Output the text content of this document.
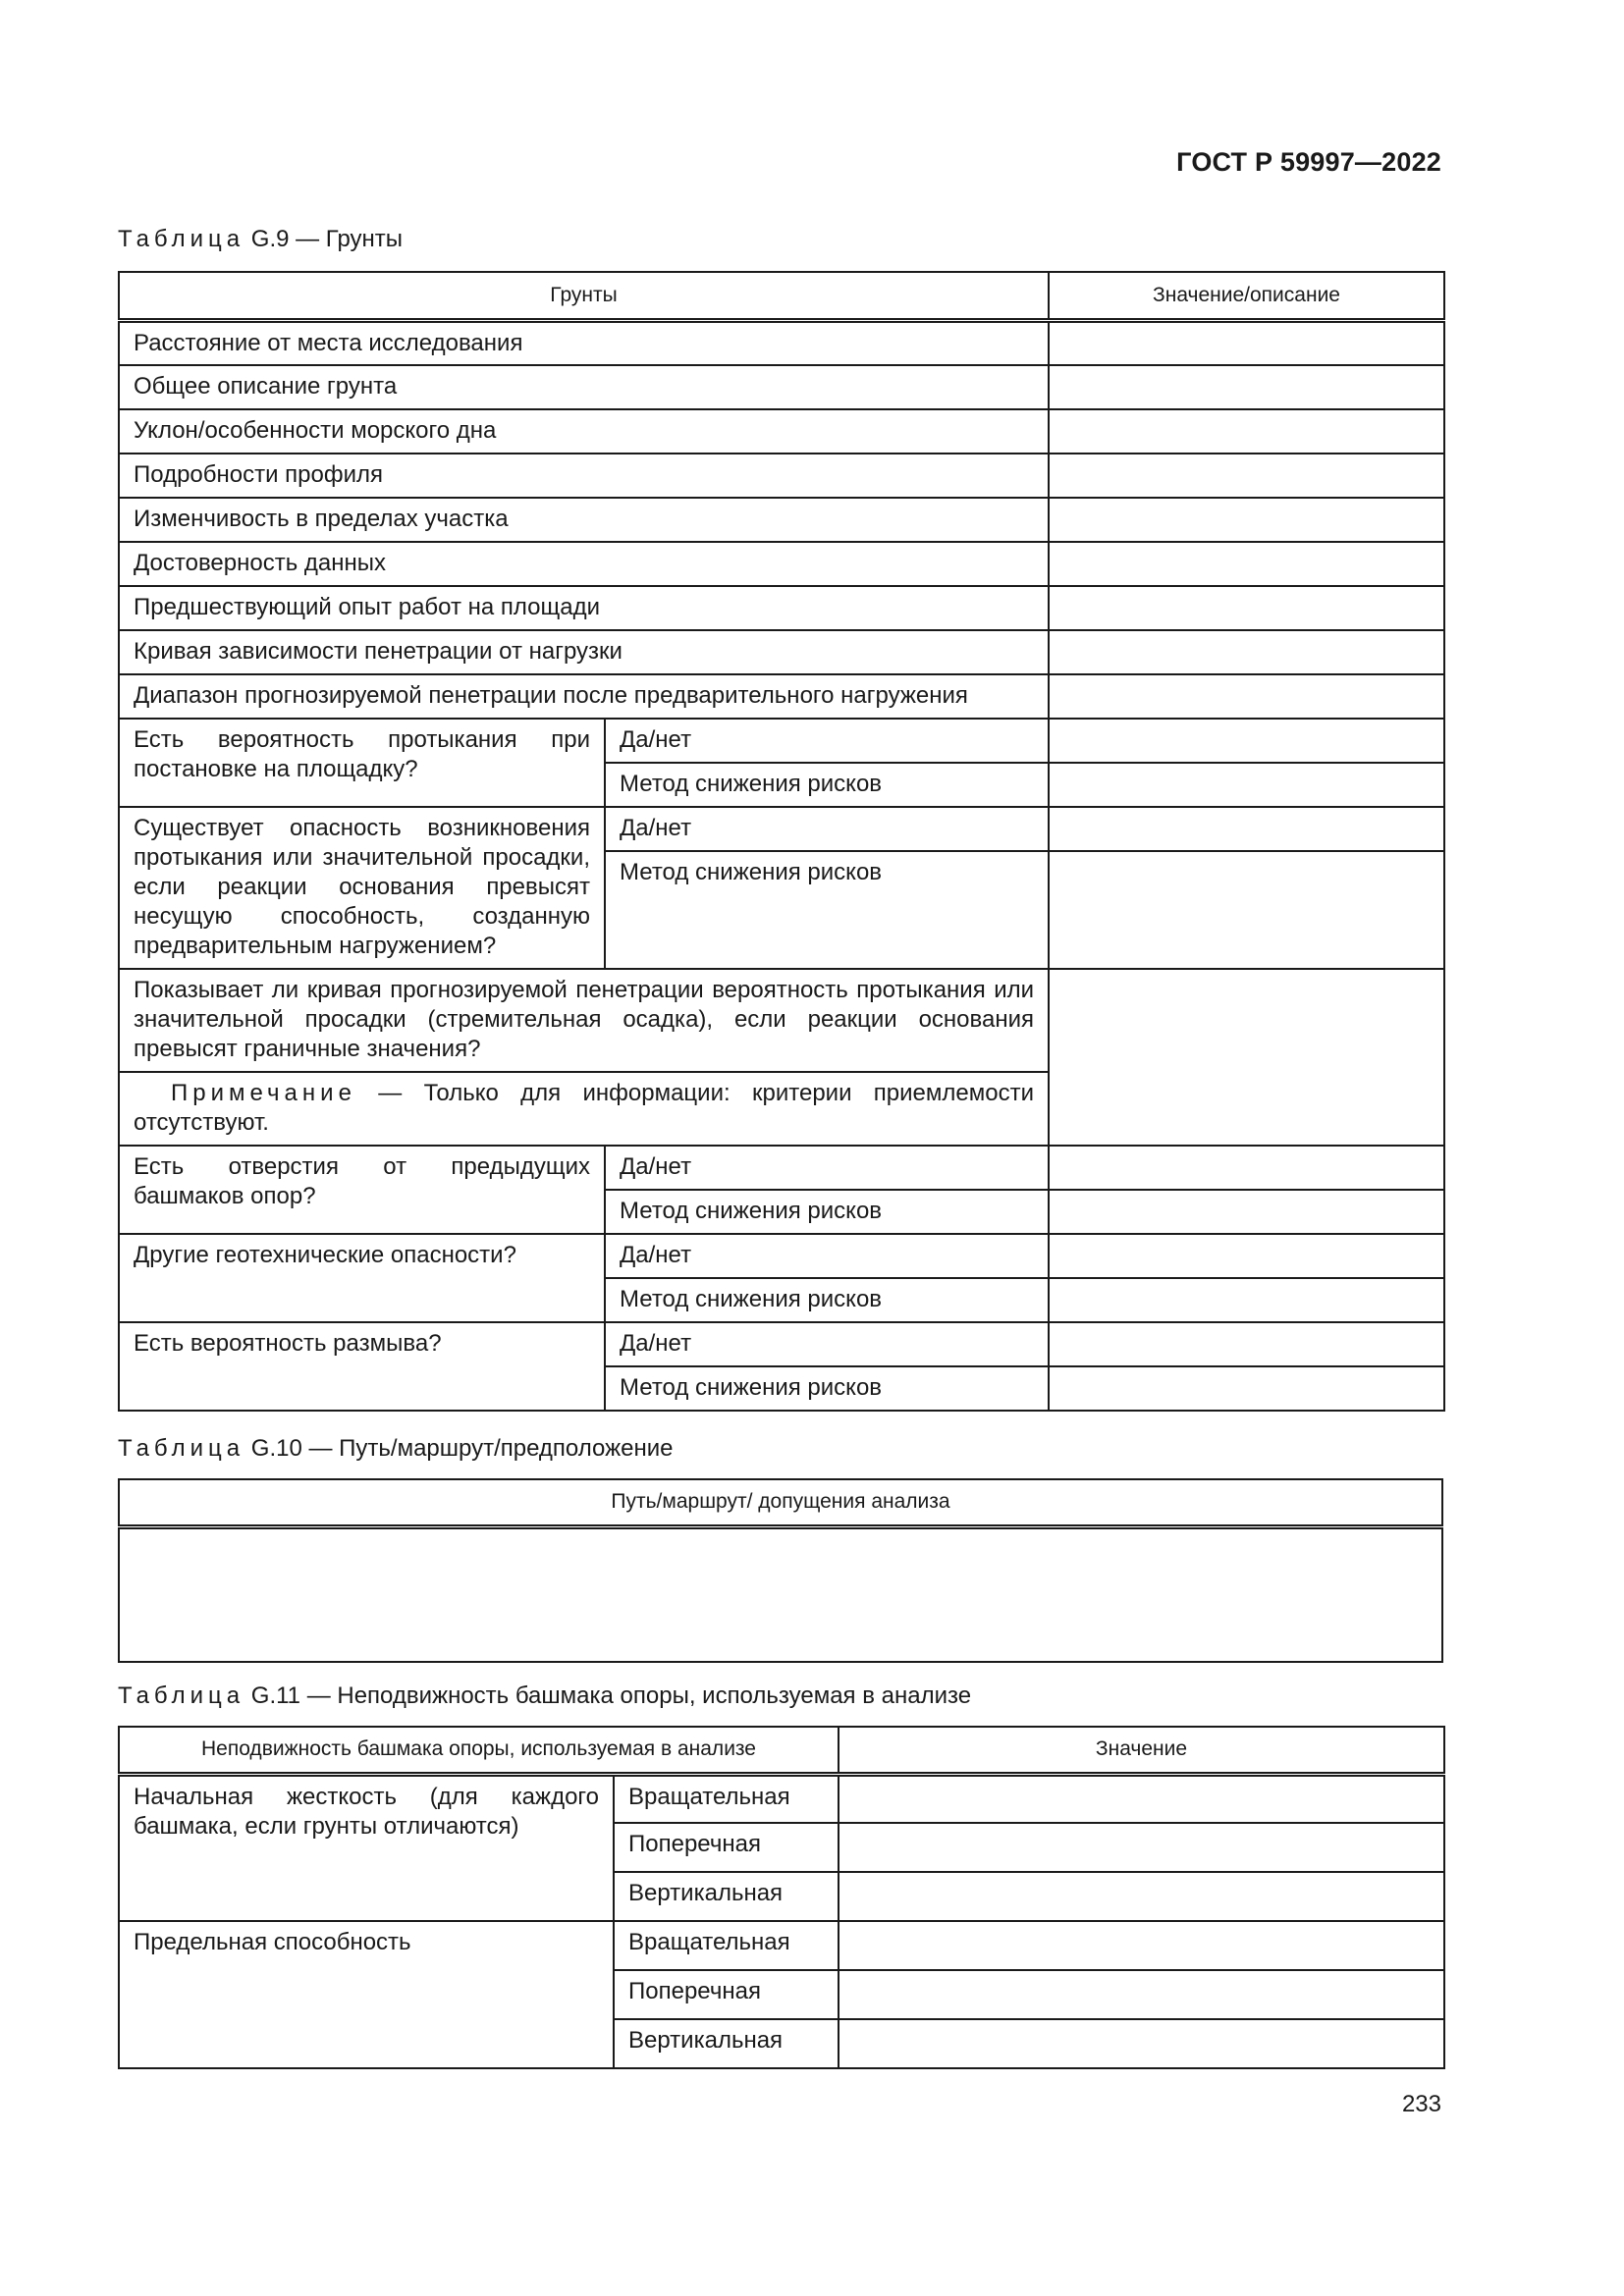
ГОСТ Р 59997—2022
Таблица G.9 — Грунты
Грунты		Значение/описание
Расстояние от места исследования		
Общее описание грунта		
Уклон/особенности морского дна		
Подробности профиля		
Изменчивость в пределах участка		
Достоверность данных		
Предшествующий опыт работ на площади		
Кривая зависимости пенетрации от нагрузки		
Диапазон прогнозируемой пенетрации после предварительного нагружения		
Есть вероятность протыкания при постановке на площадку?	Да/нет	
	Метод снижения рисков	
Существует опасность возникновения протыкания или значительной просадки, если реакции основания превысят несущую способность, созданную предварительным нагружением?	Да/нет	
	Метод снижения рисков	
Показывает ли кривая прогнозируемой пенетрации вероятность протыкания или значительной просадки (стремительная осадка), если реакции основания превысят граничные значения?		
Примечание — Только для информации: критерии приемлемости отсутствуют.		
Есть отверстия от предыдущих башмаков опор?	Да/нет	
	Метод снижения рисков	
Другие геотехнические опасности?	Да/нет	
	Метод снижения рисков	
Есть вероятность размыва?	Да/нет	
	Метод снижения рисков	
Таблица G.10 — Путь/маршрут/предположение
Путь/маршрут/ допущения анализа

Таблица G.11 — Неподвижность башмака опоры, используемая в анализе
Неподвижность башмака опоры, используемая в анализе		Значение
Начальная жесткость (для каждого башмака, если грунты отличаются)	Вращательная	
	Поперечная	
	Вертикальная	
Предельная способность	Вращательная	
	Поперечная	
	Вертикальная	
233
